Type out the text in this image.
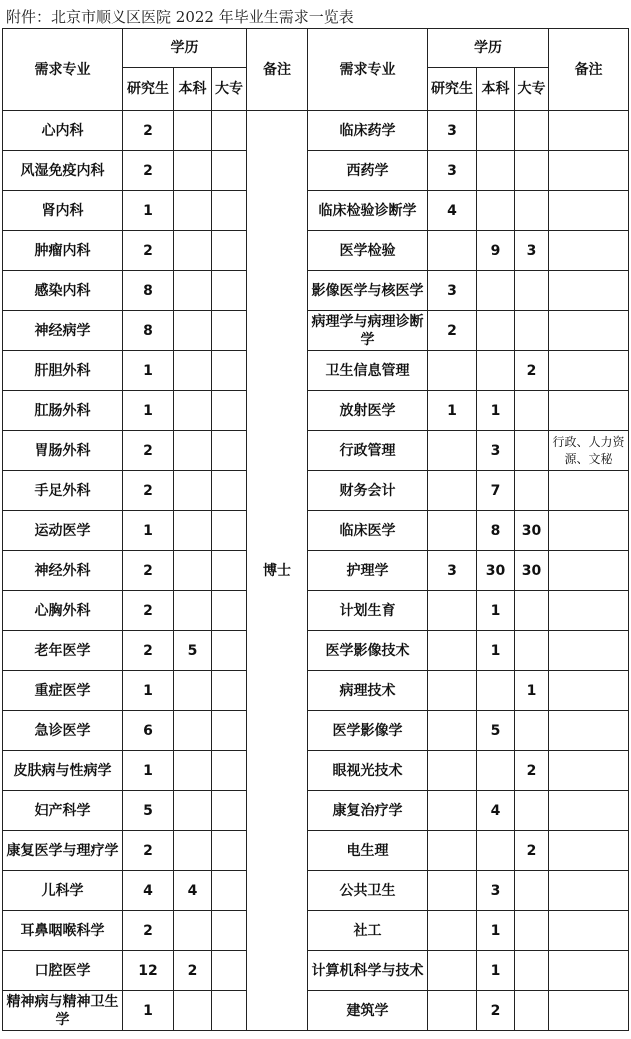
附件：北京市顺义区医院 2022 年毕业生需求一览表
需求专业	学历			备注	需求专业	学历			备注
	研究生	本科	大专			研究生	本科	大专	
心内科	2			博士	临床药学	3			
风湿免疫内科	2				西药学	3			
肾内科	1				临床检验诊断学	4			
肿瘤内科	2				医学检验		9	3	
感染内科	8				影像医学与核医学	3			
神经病学	8				病理学与病理诊断学	2			
肝胆外科	1				卫生信息管理			2	
肛肠外科	1				放射医学	1	1		
胃肠外科	2				行政管理		3		行政、人力资源、文秘
手足外科	2				财务会计		7		
运动医学	1				临床医学		8	30	
神经外科	2				护理学	3	30	30	
心胸外科	2				计划生育		1		
老年医学	2	5			医学影像技术		1		
重症医学	1				病理技术			1	
急诊医学	6				医学影像学		5		
皮肤病与性病学	1				眼视光技术			2	
妇产科学	5				康复治疗学		4		
康复医学与理疗学	2				电生理			2	
儿科学	4	4			公共卫生		3		
耳鼻咽喉科学	2				社工		1		
口腔医学	12	2			计算机科学与技术		1		
精神病与精神卫生学	1				建筑学		2		
